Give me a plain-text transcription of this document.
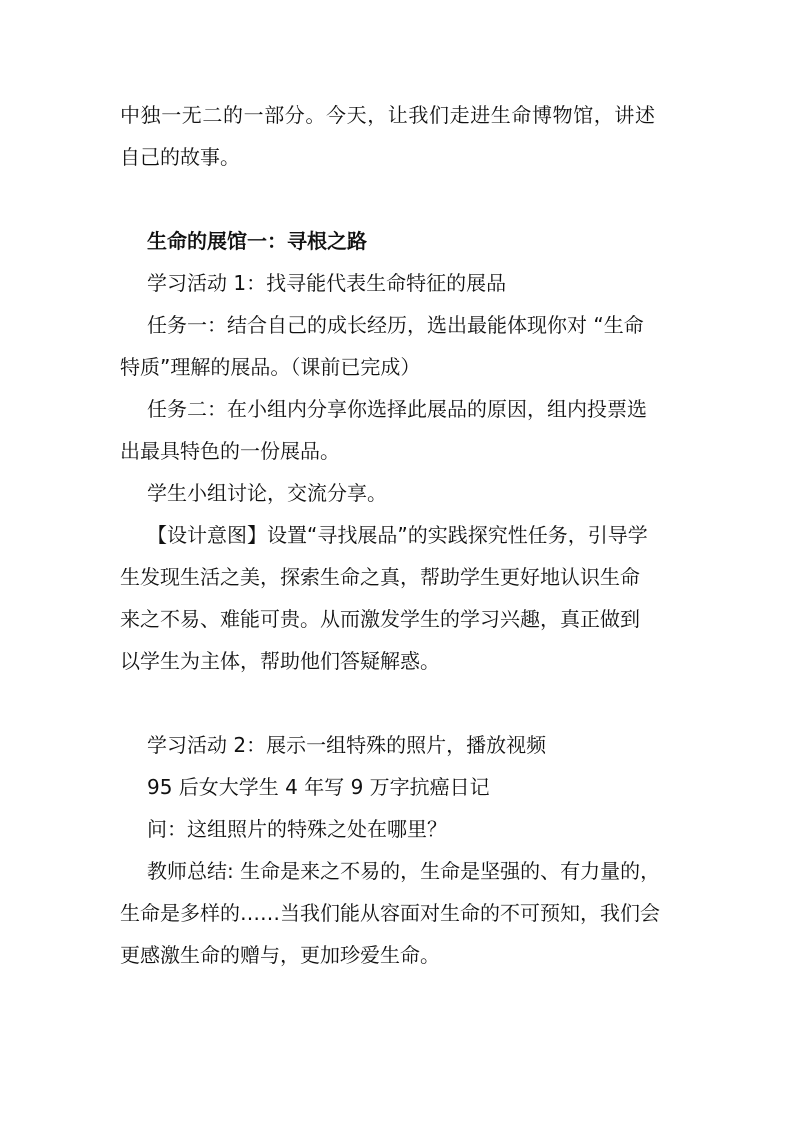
中独一无二的一部分。今天，让我们走进生命博物馆，讲述
自己的故事。
生命的展馆一：寻根之路
学习活动 1：找寻能代表生命特征的展品
任务一：结合自己的成长经历，选出最能体现你对 “生命
特质”理解的展品。（课前已完成）
任务二：在小组内分享你选择此展品的原因，组内投票选
出最具特色的一份展品。
学生小组讨论，交流分享。
【设计意图】设置“寻找展品”的实践探究性任务，引导学
生发现生活之美，探索生命之真，帮助学生更好地认识生命
来之不易、难能可贵。从而激发学生的学习兴趣，真正做到
以学生为主体，帮助他们答疑解惑。
学习活动 2：展示一组特殊的照片，播放视频
95 后女大学生 4 年写 9 万字抗癌日记
问：这组照片的特殊之处在哪里？
教师总结: 生命是来之不易的，生命是坚强的、有力量的，
生命是多样的……当我们能从容面对生命的不可预知，我们会
更感激生命的赠与，更加珍爱生命。
